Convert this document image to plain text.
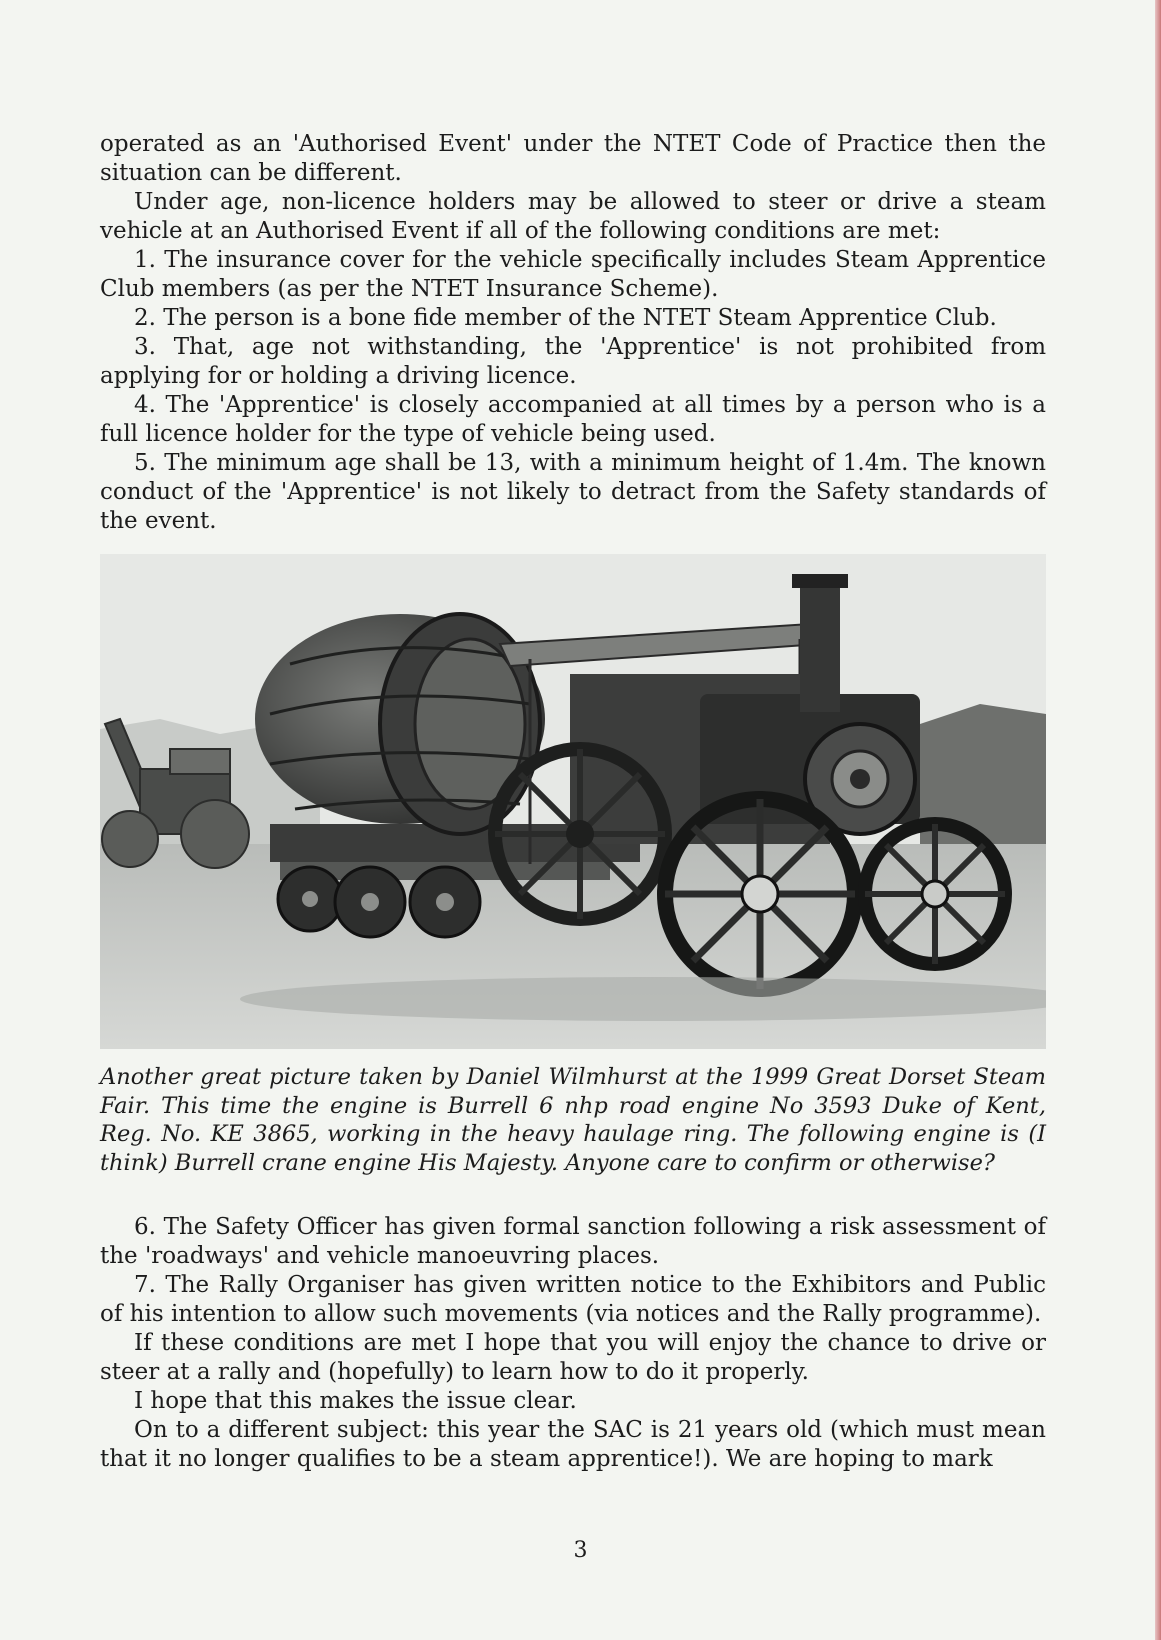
operated as an 'Authorised Event' under the NTET Code of Practice then the situation can be different.

Under age, non-licence holders may be allowed to steer or drive a steam vehicle at an Authorised Event if all of the following conditions are met:

1. The insurance cover for the vehicle specifically includes Steam Apprentice Club members (as per the NTET Insurance Scheme).

2. The person is a bone fide member of the NTET Steam Apprentice Club.

3. That, age not withstanding, the 'Apprentice' is not prohibited from applying for or holding a driving licence.

4. The 'Apprentice' is closely accompanied at all times by a person who is a full licence holder for the type of vehicle being used.

5. The minimum age shall be 13, with a minimum height of 1.4m. The known conduct of the 'Apprentice' is not likely to detract from the Safety standards of the event.

Another great picture taken by Daniel Wilmhurst at the 1999 Great Dorset Steam Fair. This time the engine is Burrell 6 nhp road engine No 3593 Duke of Kent, Reg. No. KE 3865, working in the heavy haulage ring. The following engine is (I think) Burrell crane engine His Majesty. Anyone care to confirm or otherwise?

6. The Safety Officer has given formal sanction following a risk assessment of the 'roadways' and vehicle manoeuvring places.

7. The Rally Organiser has given written notice to the Exhibitors and Public of his intention to allow such movements (via notices and the Rally programme).

If these conditions are met I hope that you will enjoy the chance to drive or steer at a rally and (hopefully) to learn how to do it properly.

I hope that this makes the issue clear.

On to a different subject: this year the SAC is 21 years old (which must mean that it no longer qualifies to be a steam apprentice!). We are hoping to mark

3
